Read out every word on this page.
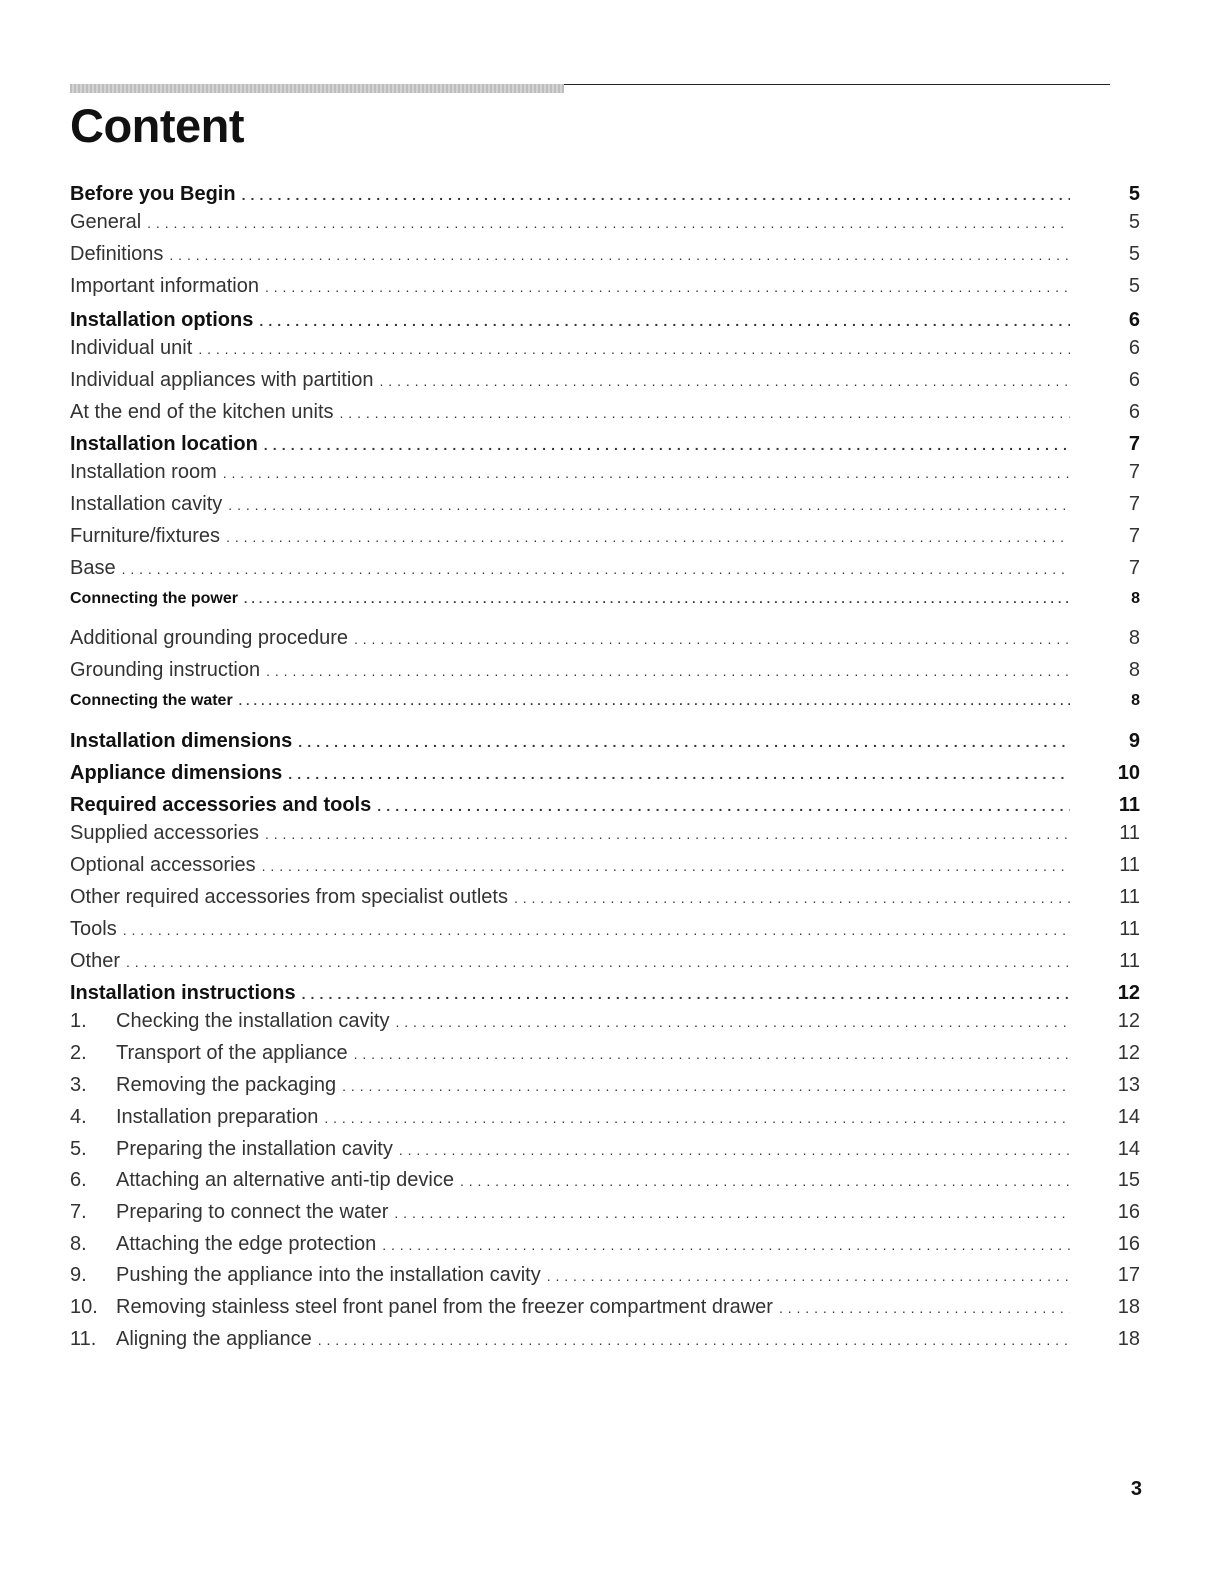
Content
Before you Begin . . .	5
General . . .	5
Definitions . . .	5
Important information . . .	5
Installation options . . .	6
Individual unit . . .	6
Individual appliances with partition . . .	6
At the end of the kitchen units . . .	6
Installation location . . .	7
Installation room . . .	7
Installation cavity . . .	7
Furniture/fixtures . . .	7
Base . . .	7
Connecting the power . . .	8
Additional grounding procedure . . .	8
Grounding instruction . . .	8
Connecting the water . . .	8
Installation dimensions . . .	9
Appliance dimensions . . .	10
Required accessories and tools . . .	11
Supplied accessories . . .	11
Optional accessories . . .	11
Other required accessories from specialist outlets . . .	11
Tools . . .	11
Other . . .	11
Installation instructions . . .	12
1. Checking the installation cavity . . .	12
2. Transport of the appliance . . .	12
3. Removing the packaging . . .	13
4. Installation preparation . . .	14
5. Preparing the installation cavity . . .	14
6. Attaching an alternative anti-tip device . . .	15
7. Preparing to connect the water . . .	16
8. Attaching the edge protection . . .	16
9. Pushing the appliance into the installation cavity . . .	17
10. Removing stainless steel front panel from the freezer compartment drawer . . .	18
11. Aligning the appliance . . .	18
3
